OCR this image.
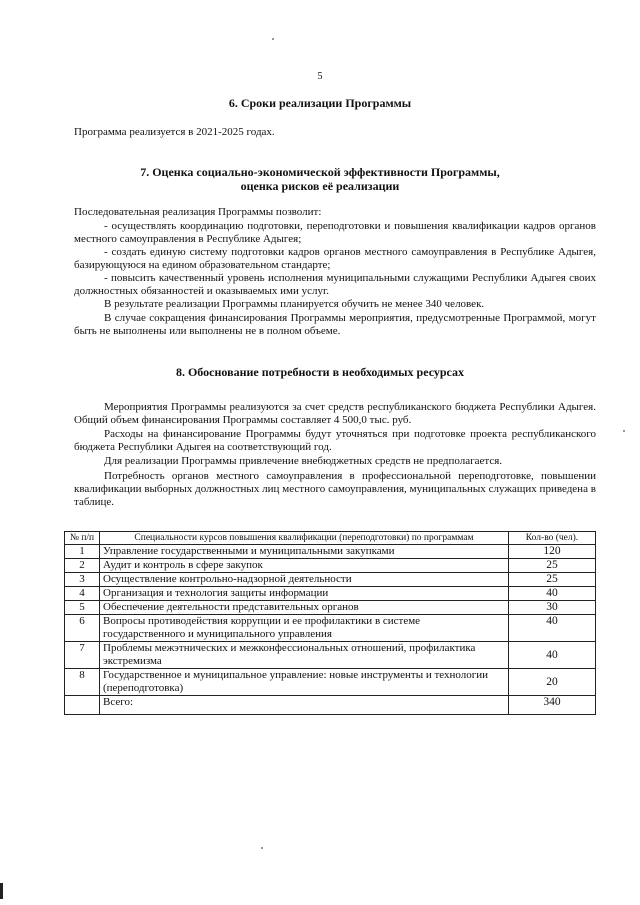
5
6. Сроки реализации Программы

Программа реализуется в 2021-2025 годах.

7. Оценка социально-экономической эффективности Программы,
оценка рисков её реализации

Последовательная реализация Программы позволит:

- осуществлять координацию подготовки, переподготовки и повышения квалификации кадров органов местного самоуправления в Республике Адыгея;

- создать единую систему подготовки кадров органов местного самоуправления в Республике Адыгея, базирующуюся на едином образовательном стандарте;

- повысить качественный уровень исполнения муниципальными служащими Республики Адыгея своих должностных обязанностей и оказываемых ими услуг.

В результате реализации Программы планируется обучить не менее 340 человек.

В случае сокращения финансирования Программы мероприятия, предусмотренные Программой, могут быть не выполнены или выполнены не в полном объеме.

8. Обоснование потребности в необходимых ресурсах

Мероприятия Программы реализуются за счет средств республиканского бюджета Республики Адыгея. Общий объем финансирования Программы составляет 4 500,0 тыс. руб.

Расходы на финансирование Программы будут уточняться при подготовке проекта республиканского бюджета Республики Адыгея на соответствующий год.

Для реализации Программы привлечение внебюджетных средств не предполагается.

Потребность органов местного самоуправления в профессиональной переподготовке, повышении квалификации выборных должностных лиц местного самоуправления, муниципальных служащих приведена в таблице.

№ п/п	Специальности курсов повышения квалификации (переподготовки) по программам	Кол-во (чел).
1	Управление государственными и муниципальными закупками	120
2	Аудит и контроль в сфере закупок	25
3	Осуществление контрольно-надзорной деятельности	25
4	Организация и технология защиты информации	40
5	Обеспечение деятельности представительных органов	30
6	Вопросы противодействия коррупции и ее профилактики в системе государственного и муниципального управления	40
7	Проблемы межэтнических и межконфессиональных отношений, профилактика экстремизма	40
8	Государственное и муниципальное управление: новые инструменты и технологии (переподготовка)	20
	Всего:	340
